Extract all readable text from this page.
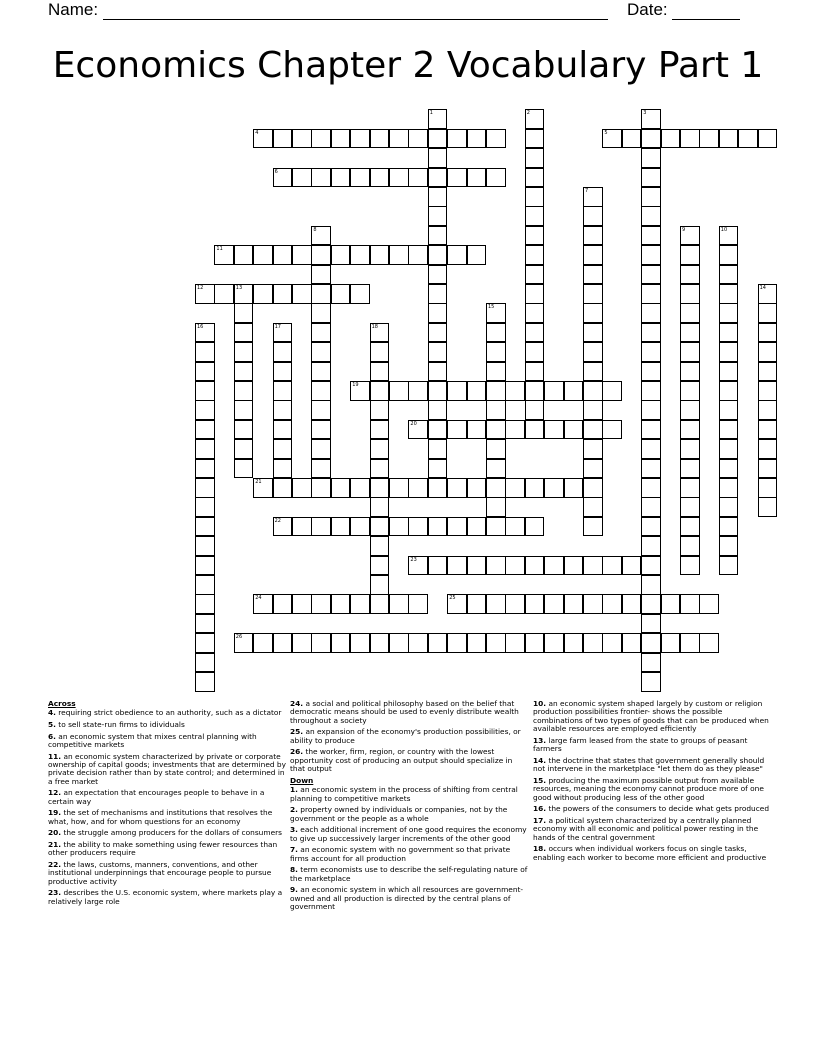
Name:	Date:
Economics Chapter 2 Vocabulary Part 1
4	5
6
11
12	13
19
20
21
22
23
24	25
26
1	2	3
7
8	9	10
14
15
16	17	18
Across
4. requiring strict obedience to an authority, such as a dictator
5. to sell state-run firms to idividuals
6. an economic system that mixes central planning with competitive markets
11. an economic system characterized by private or corporate ownership of capital goods; investments that are determined by private decision rather than by state control; and determined in a free market
12. an expectation that encourages people to behave in a certain way
19. the set of mechanisms and institutions that resolves the what, how, and for whom questions for an economy
20. the struggle among producers for the dollars of consumers
21. the ability to make something using fewer resources than other producers require
22. the laws, customs, manners, conventions, and other institutional underpinnings that encourage people to pursue productive activity
23. describes the U.S. economic system, where markets play a relatively large role
24. a social and political philosophy based on the belief that democratic means should be used to evenly distribute wealth throughout a society
25. an expansion of the economy's production possibilities, or ability to produce
26. the worker, firm, region, or country with the lowest opportunity cost of producing an output should specialize in that output
Down
1. an economic system in the process of shifting from central planning to competitive markets
2. property owned by individuals or companies, not by the government or the people as a whole
3. each additional increment of one good requires the economy to give up successively larger increments of the other good
7. an economic system with no government so that private firms account for all production
8. term economists use to describe the self-regulating nature of the marketplace
9. an economic system in which all resources are government-owned and all production is directed by the central plans of government
10. an economic system shaped largely by custom or religion production possibilities frontier- shows the possible combinations of two types of goods that can be produced when available resources are employed efficiently
13. large farm leased from the state to groups of peasant farmers
14. the doctrine that states that government generally should not intervene in the marketplace "let them do as they please"
15. producing the maximum possible output from available resources, meaning the economy cannot produce more of one good without producing less of the other good
16. the powers of the consumers to decide what gets produced
17. a political system characterized by a centrally planned economy with all economic and political power resting in the hands of the central government
18. occurs when individual workers focus on single tasks, enabling each worker to become more efficient and productive
